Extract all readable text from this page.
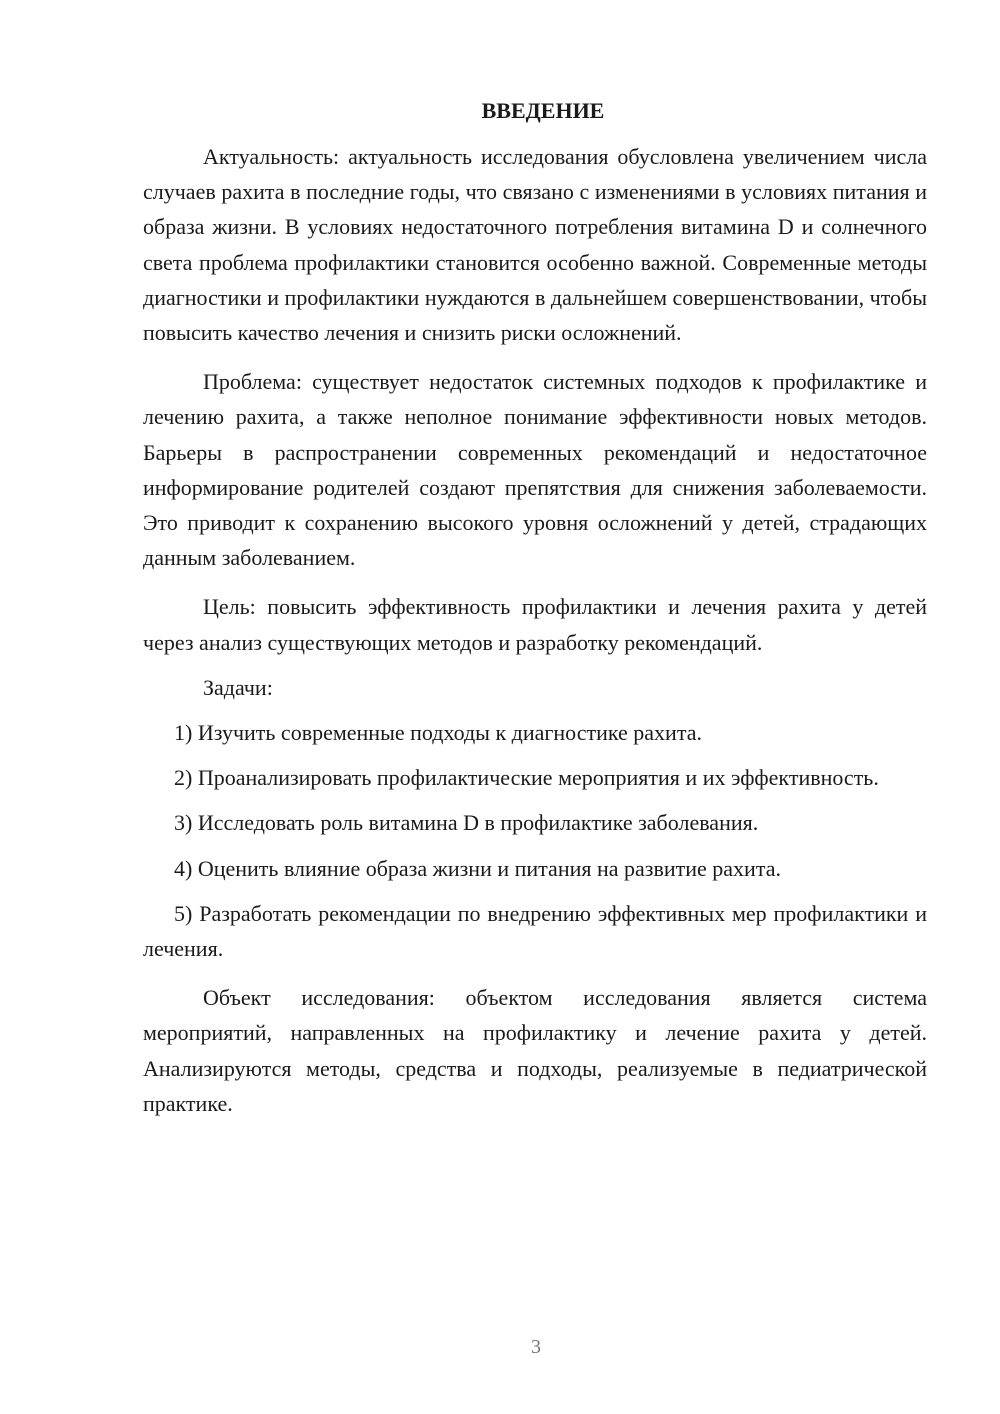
ВВЕДЕНИЕ

Актуальность: актуальность исследования обусловлена увеличением числа случаев рахита в последние годы, что связано с изменениями в условиях питания и образа жизни. В условиях недостаточного потребления витамина D и солнечного света проблема профилактики становится особенно важной. Современные методы диагностики и профилактики нуждаются в дальнейшем совершенствовании, чтобы повысить качество лечения и снизить риски осложнений.

Проблема: существует недостаток системных подходов к профилактике и лечению рахита, а также неполное понимание эффективности новых методов. Барьеры в распространении современных рекомендаций и недостаточное информирование родителей создают препятствия для снижения заболеваемости. Это приводит к сохранению высокого уровня осложнений у детей, страдающих данным заболеванием.

Цель: повысить эффективность профилактики и лечения рахита у детей через анализ существующих методов и разработку рекомендаций.

Задачи:

1) Изучить современные подходы к диагностике рахита.

2) Проанализировать профилактические мероприятия и их эффективность.

3) Исследовать роль витамина D в профилактике заболевания.

4) Оценить влияние образа жизни и питания на развитие рахита.

5) Разработать рекомендации по внедрению эффективных мер профилактики и лечения.

Объект исследования: объектом исследования является система мероприятий, направленных на профилактику и лечение рахита у детей. Анализируются методы, средства и подходы, реализуемые в педиатрической практике.

3
